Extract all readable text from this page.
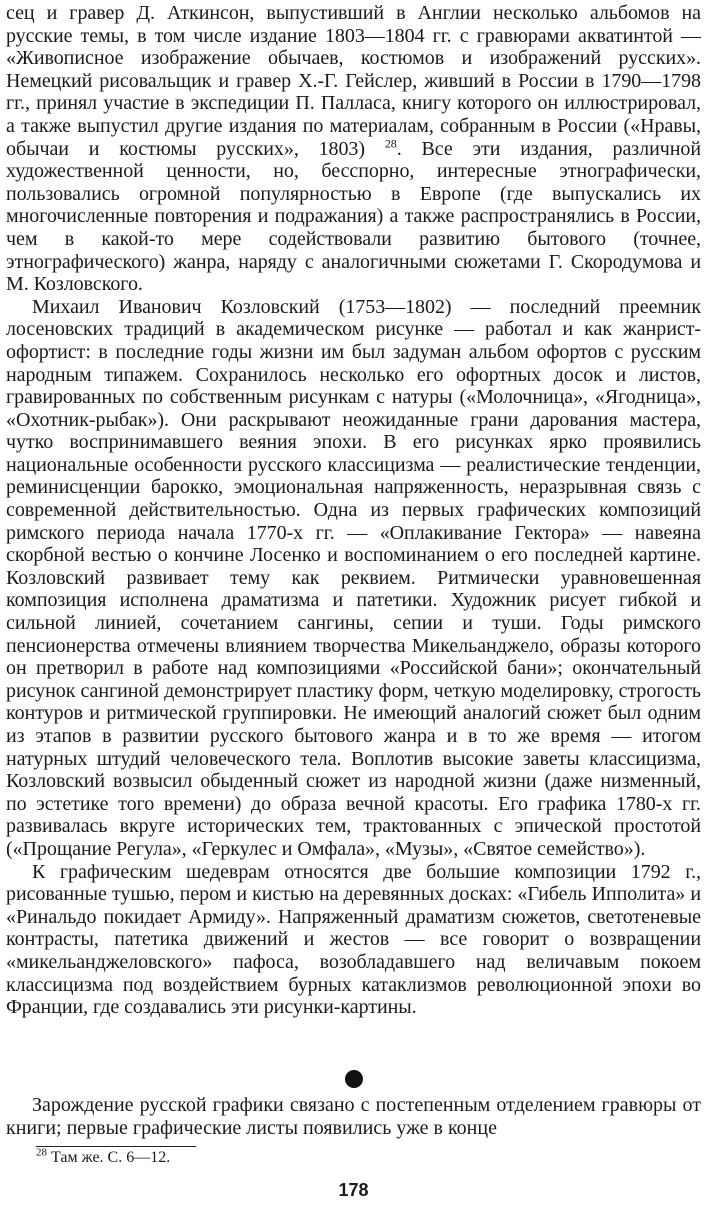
сец и гравер Д. Аткинсон, выпустивший в Англии несколько альбомов на русские темы, в том числе издание 1803—1804 гг. с гравюрами акватинтой — «Живописное изображение обычаев, костюмов и изображений русских». Немецкий рисовальщик и гравер Х.-Г. Гейслер, живший в России в 1790—1798 гг., принял участие в экспедиции П. Палласа, книгу которого он иллюстрировал, а также выпустил другие издания по материалам, собранным в России («Нравы, обычаи и костюмы русских», 1803) $^{28}$. Все эти издания, различной художественной ценности, но, бесспорно, интересные этнографически, пользовались огромной популярностью в Европе (где выпускались их многочисленные повторения и подражания) а также распространялись в России, чем в какой-то мере содействовали развитию бытового (точнее, этнографического) жанра, наряду с аналогичными сюжетами Г. Скородумова и М. Козловского.

Михаил Иванович Козловский (1753—1802) — последний преемник лосеновских традиций в академическом рисунке — работал и как жанрист-офортист: в последние годы жизни им был задуман альбом офортов с русским народным типажем. Сохранилось несколько его офортных досок и листов, гравированных по собственным рисункам с натуры («Молочница», «Ягодница», «Охотник-рыбак»). Они раскрывают неожиданные грани дарования мастера, чутко воспринимавшего веяния эпохи. В его рисунках ярко проявились национальные особенности русского классицизма — реалистические тенденции, реминисценции барокко, эмоциональная напряженность, неразрывная связь с современной действительностью. Одна из первых графических композиций римского периода начала 1770-х гг. — «Оплакивание Гектора» — навеяна скорбной вестью о кончине Лосенко и воспоминанием о его последней картине. Козловский развивает тему как реквием. Ритмически уравновешенная композиция исполнена драматизма и патетики. Художник рисует гибкой и сильной линией, сочетанием сангины, сепии и туши. Годы римского пенсионерства отмечены влиянием творчества Микельанджело, образы которого он претворил в работе над композициями «Российской бани»; окончательный рисунок сангиной демонстрирует пластику форм, четкую моделировку, строгость контуров и ритмической группировки. Не имеющий аналогий сюжет был одним из этапов в развитии русского бытового жанра и в то же время — итогом натурных штудий человеческого тела. Воплотив высокие заветы классицизма, Козловский возвысил обыденный сюжет из народной жизни (даже низменный, по эстетике того времени) до образа вечной красоты. Его графика 1780-х гг. развивалась вкруге исторических тем, трактованных с эпической простотой («Прощание Регула», «Геркулес и Омфала», «Музы», «Святое семейство»).

К графическим шедеврам относятся две большие композиции 1792 г., рисованные тушью, пером и кистью на деревянных досках: «Гибель Ипполита» и «Ринальдо покидает Армиду». Напряженный драматизм сюжетов, светотеневые контрасты, патетика движений и жестов — все говорит о возвращении «микельанджеловского» пафоса, возобладавшего над величавым покоем классицизма под воздействием бурных катаклизмов революционной эпохи во Франции, где создавались эти рисунки-картины.

Зарождение русской графики связано с постепенным отделением гравюры от книги; первые графические листы появились уже в конце

$^{28}$ Там же. С. 6—12.
178
